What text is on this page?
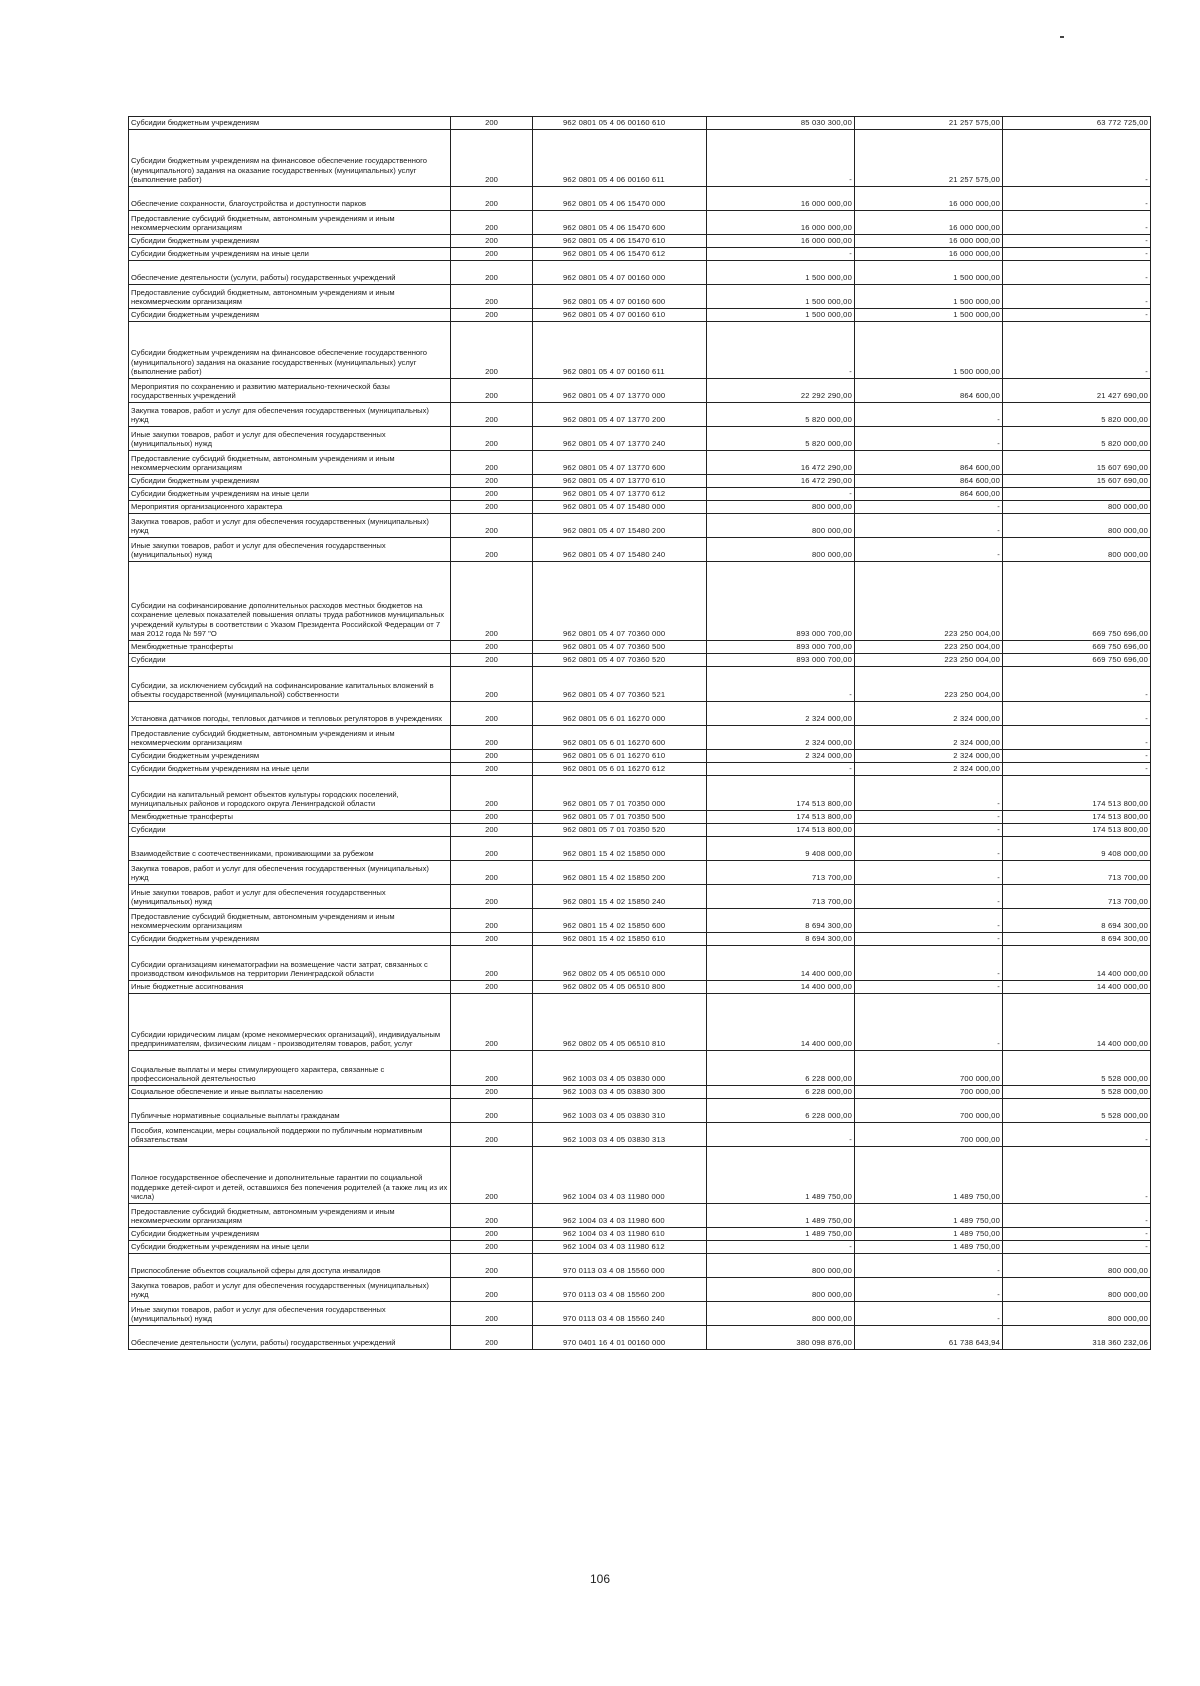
Субсидии бюджетным учреждениям	200	962 0801 05 4 06 00160 610	85 030 300,00	21 257 575,00	63 772 725,00
Субсидии бюджетным учреждениям на финансовое обеспечение государственного (муниципального) задания на оказание государственных (муниципальных) услуг (выполнение работ)	200	962 0801 05 4 06 00160 611	-	21 257 575,00	-
Обеспечение сохранности, благоустройства и доступности парков	200	962 0801 05 4 06 15470 000	16 000 000,00	16 000 000,00	-
Предоставление субсидий бюджетным, автономным учреждениям и иным некоммерческим организациям	200	962 0801 05 4 06 15470 600	16 000 000,00	16 000 000,00	-
Субсидии бюджетным учреждениям	200	962 0801 05 4 06 15470 610	16 000 000,00	16 000 000,00	-
Субсидии бюджетным учреждениям на иные цели	200	962 0801 05 4 06 15470 612	-	16 000 000,00	-
Обеспечение деятельности (услуги, работы) государственных учреждений	200	962 0801 05 4 07 00160 000	1 500 000,00	1 500 000,00	-
Предоставление субсидий бюджетным, автономным учреждениям и иным некоммерческим организациям	200	962 0801 05 4 07 00160 600	1 500 000,00	1 500 000,00	-
Субсидии бюджетным учреждениям	200	962 0801 05 4 07 00160 610	1 500 000,00	1 500 000,00	-
Субсидии бюджетным учреждениям на финансовое обеспечение государственного (муниципального) задания на оказание государственных (муниципальных) услуг (выполнение работ)	200	962 0801 05 4 07 00160 611	-	1 500 000,00	-
Мероприятия по сохранению и развитию материально-технической базы государственных учреждений	200	962 0801 05 4 07 13770 000	22 292 290,00	864 600,00	21 427 690,00
Закупка товаров, работ и услуг для обеспечения государственных (муниципальных) нужд	200	962 0801 05 4 07 13770 200	5 820 000,00	-	5 820 000,00
Иные закупки товаров, работ и услуг для обеспечения государственных (муниципальных) нужд	200	962 0801 05 4 07 13770 240	5 820 000,00	-	5 820 000,00
Предоставление субсидий бюджетным, автономным учреждениям и иным некоммерческим организациям	200	962 0801 05 4 07 13770 600	16 472 290,00	864 600,00	15 607 690,00
Субсидии бюджетным учреждениям	200	962 0801 05 4 07 13770 610	16 472 290,00	864 600,00	15 607 690,00
Субсидии бюджетным учреждениям на иные цели	200	962 0801 05 4 07 13770 612	-	864 600,00	
Мероприятия организационного характера	200	962 0801 05 4 07 15480 000	800 000,00	-	800 000,00
Закупка товаров, работ и услуг для обеспечения государственных (муниципальных) нужд	200	962 0801 05 4 07 15480 200	800 000,00	-	800 000,00
Иные закупки товаров, работ и услуг для обеспечения государственных (муниципальных) нужд	200	962 0801 05 4 07 15480 240	800 000,00	-	800 000,00
Субсидии на софинансирование дополнительных расходов местных бюджетов на сохранение целевых показателей повышения оплаты труда работников муниципальных учреждений культуры в соответствии с Указом Президента Российской Федерации от 7 мая 2012 года № 597 "О	200	962 0801 05 4 07 70360 000	893 000 700,00	223 250 004,00	669 750 696,00
Межбюджетные трансферты	200	962 0801 05 4 07 70360 500	893 000 700,00	223 250 004,00	669 750 696,00
Субсидии	200	962 0801 05 4 07 70360 520	893 000 700,00	223 250 004,00	669 750 696,00
Субсидии, за исключением субсидий на софинансирование капитальных вложений в объекты государственной (муниципальной) собственности	200	962 0801 05 4 07 70360 521	-	223 250 004,00	-
Установка датчиков погоды, тепловых датчиков и тепловых регуляторов в учреждениях	200	962 0801 05 6 01 16270 000	2 324 000,00	2 324 000,00	-
Предоставление субсидий бюджетным, автономным учреждениям и иным некоммерческим организациям	200	962 0801 05 6 01 16270 600	2 324 000,00	2 324 000,00	-
Субсидии бюджетным учреждениям	200	962 0801 05 6 01 16270 610	2 324 000,00	2 324 000,00	-
Субсидии бюджетным учреждениям на иные цели	200	962 0801 05 6 01 16270 612	-	2 324 000,00	-
Субсидии на капитальный ремонт объектов культуры городских поселений, муниципальных районов и городского округа Ленинградской области	200	962 0801 05 7 01 70350 000	174 513 800,00	-	174 513 800,00
Межбюджетные трансферты	200	962 0801 05 7 01 70350 500	174 513 800,00	-	174 513 800,00
Субсидии	200	962 0801 05 7 01 70350 520	174 513 800,00	-	174 513 800,00
Взаимодействие с соотечественниками, проживающими за рубежом	200	962 0801 15 4 02 15850 000	9 408 000,00	-	9 408 000,00
Закупка товаров, работ и услуг для обеспечения государственных (муниципальных) нужд	200	962 0801 15 4 02 15850 200	713 700,00	-	713 700,00
Иные закупки товаров, работ и услуг для обеспечения государственных (муниципальных) нужд	200	962 0801 15 4 02 15850 240	713 700,00	-	713 700,00
Предоставление субсидий бюджетным, автономным учреждениям и иным некоммерческим организациям	200	962 0801 15 4 02 15850 600	8 694 300,00	-	8 694 300,00
Субсидии бюджетным учреждениям	200	962 0801 15 4 02 15850 610	8 694 300,00	-	8 694 300,00
Субсидии организациям кинематографии на возмещение части затрат, связанных с производством кинофильмов на территории Ленинградской области	200	962 0802 05 4 05 06510 000	14 400 000,00	-	14 400 000,00
Иные бюджетные ассигнования	200	962 0802 05 4 05 06510 800	14 400 000,00	-	14 400 000,00
Субсидии юридическим лицам (кроме некоммерческих организаций), индивидуальным предпринимателям, физическим лицам - производителям товаров, работ, услуг	200	962 0802 05 4 05 06510 810	14 400 000,00	-	14 400 000,00
Социальные выплаты и меры стимулирующего характера, связанные с профессиональной деятельностью	200	962 1003 03 4 05 03830 000	6 228 000,00	700 000,00	5 528 000,00
Социальное обеспечение и иные выплаты населению	200	962 1003 03 4 05 03830 300	6 228 000,00	700 000,00	5 528 000,00
Публичные нормативные социальные выплаты гражданам	200	962 1003 03 4 05 03830 310	6 228 000,00	700 000,00	5 528 000,00
Пособия, компенсации, меры социальной поддержки по публичным нормативным обязательствам	200	962 1003 03 4 05 03830 313	-	700 000,00	-
Полное государственное обеспечение и дополнительные гарантии по социальной поддержке детей-сирот и детей, оставшихся без попечения родителей (а также лиц из их числа)	200	962 1004 03 4 03 11980 000	1 489 750,00	1 489 750,00	-
Предоставление субсидий бюджетным, автономным учреждениям и иным некоммерческим организациям	200	962 1004 03 4 03 11980 600	1 489 750,00	1 489 750,00	-
Субсидии бюджетным учреждениям	200	962 1004 03 4 03 11980 610	1 489 750,00	1 489 750,00	-
Субсидии бюджетным учреждениям на иные цели	200	962 1004 03 4 03 11980 612	-	1 489 750,00	-
Приспособление объектов социальной сферы для доступа инвалидов	200	970 0113 03 4 08 15560 000	800 000,00	-	800 000,00
Закупка товаров, работ и услуг для обеспечения государственных (муниципальных) нужд	200	970 0113 03 4 08 15560 200	800 000,00	-	800 000,00
Иные закупки товаров, работ и услуг для обеспечения государственных (муниципальных) нужд	200	970 0113 03 4 08 15560 240	800 000,00	-	800 000,00
Обеспечение деятельности (услуги, работы) государственных учреждений	200	970 0401 16 4 01 00160 000	380 098 876,00	61 738 643,94	318 360 232,06
106
